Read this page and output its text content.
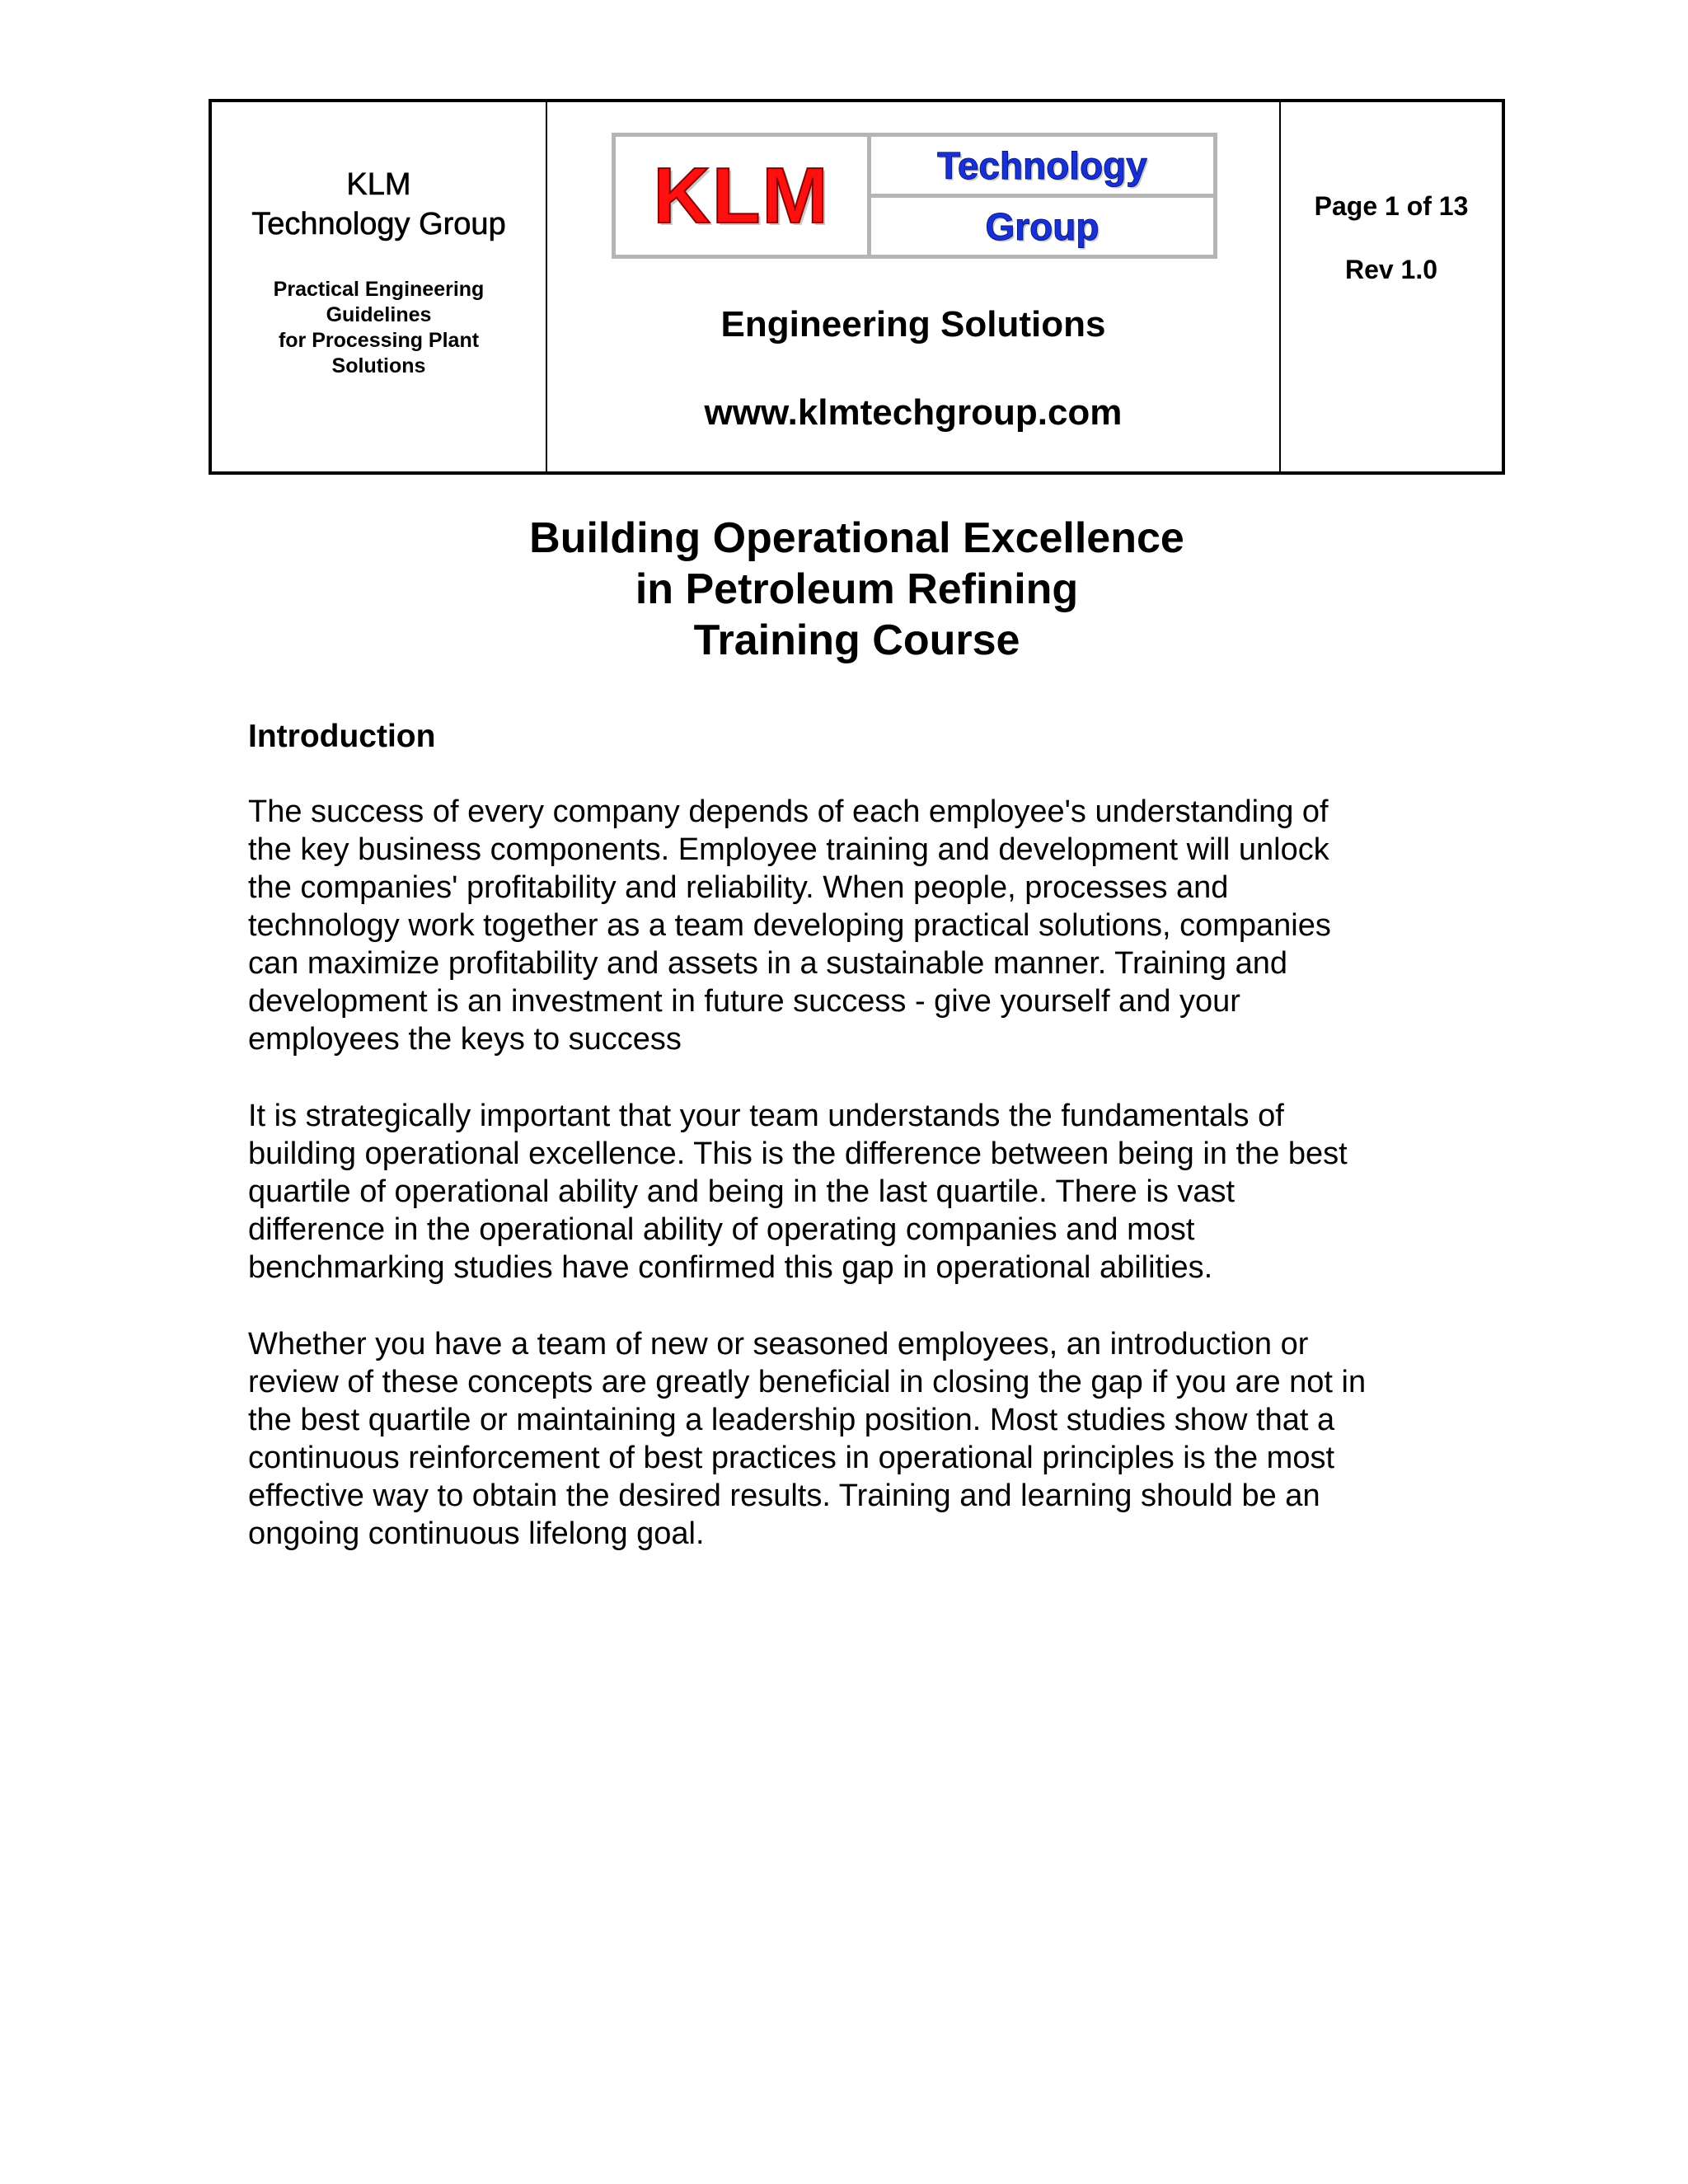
KLM
Technology Group
Practical Engineering
Guidelines
for Processing Plant
Solutions
KLM	Technology
Group
Engineering Solutions
www.klmtechgroup.com
Page 1 of 13
Rev 1.0
Building Operational Excellence
in Petroleum Refining
Training Course
Introduction
The success of every company depends of each employee's understanding of
the key business components. Employee training and development will unlock
the companies' profitability and reliability. When people, processes and
technology work together as a team developing practical solutions, companies
can maximize profitability and assets in a sustainable manner. Training and
development is an investment in future success - give yourself and your
employees the keys to success
It is strategically important that your team understands the fundamentals of
building operational excellence. This is the difference between being in the best
quartile of operational ability and being in the last quartile. There is vast
difference in the operational ability of operating companies and most
benchmarking studies have confirmed this gap in operational abilities.
Whether you have a team of new or seasoned employees, an introduction or
review of these concepts are greatly beneficial in closing the gap if you are not in
the best quartile or maintaining a leadership position. Most studies show that a
continuous reinforcement of best practices in operational principles is the most
effective way to obtain the desired results. Training and learning should be an
ongoing continuous lifelong goal.
